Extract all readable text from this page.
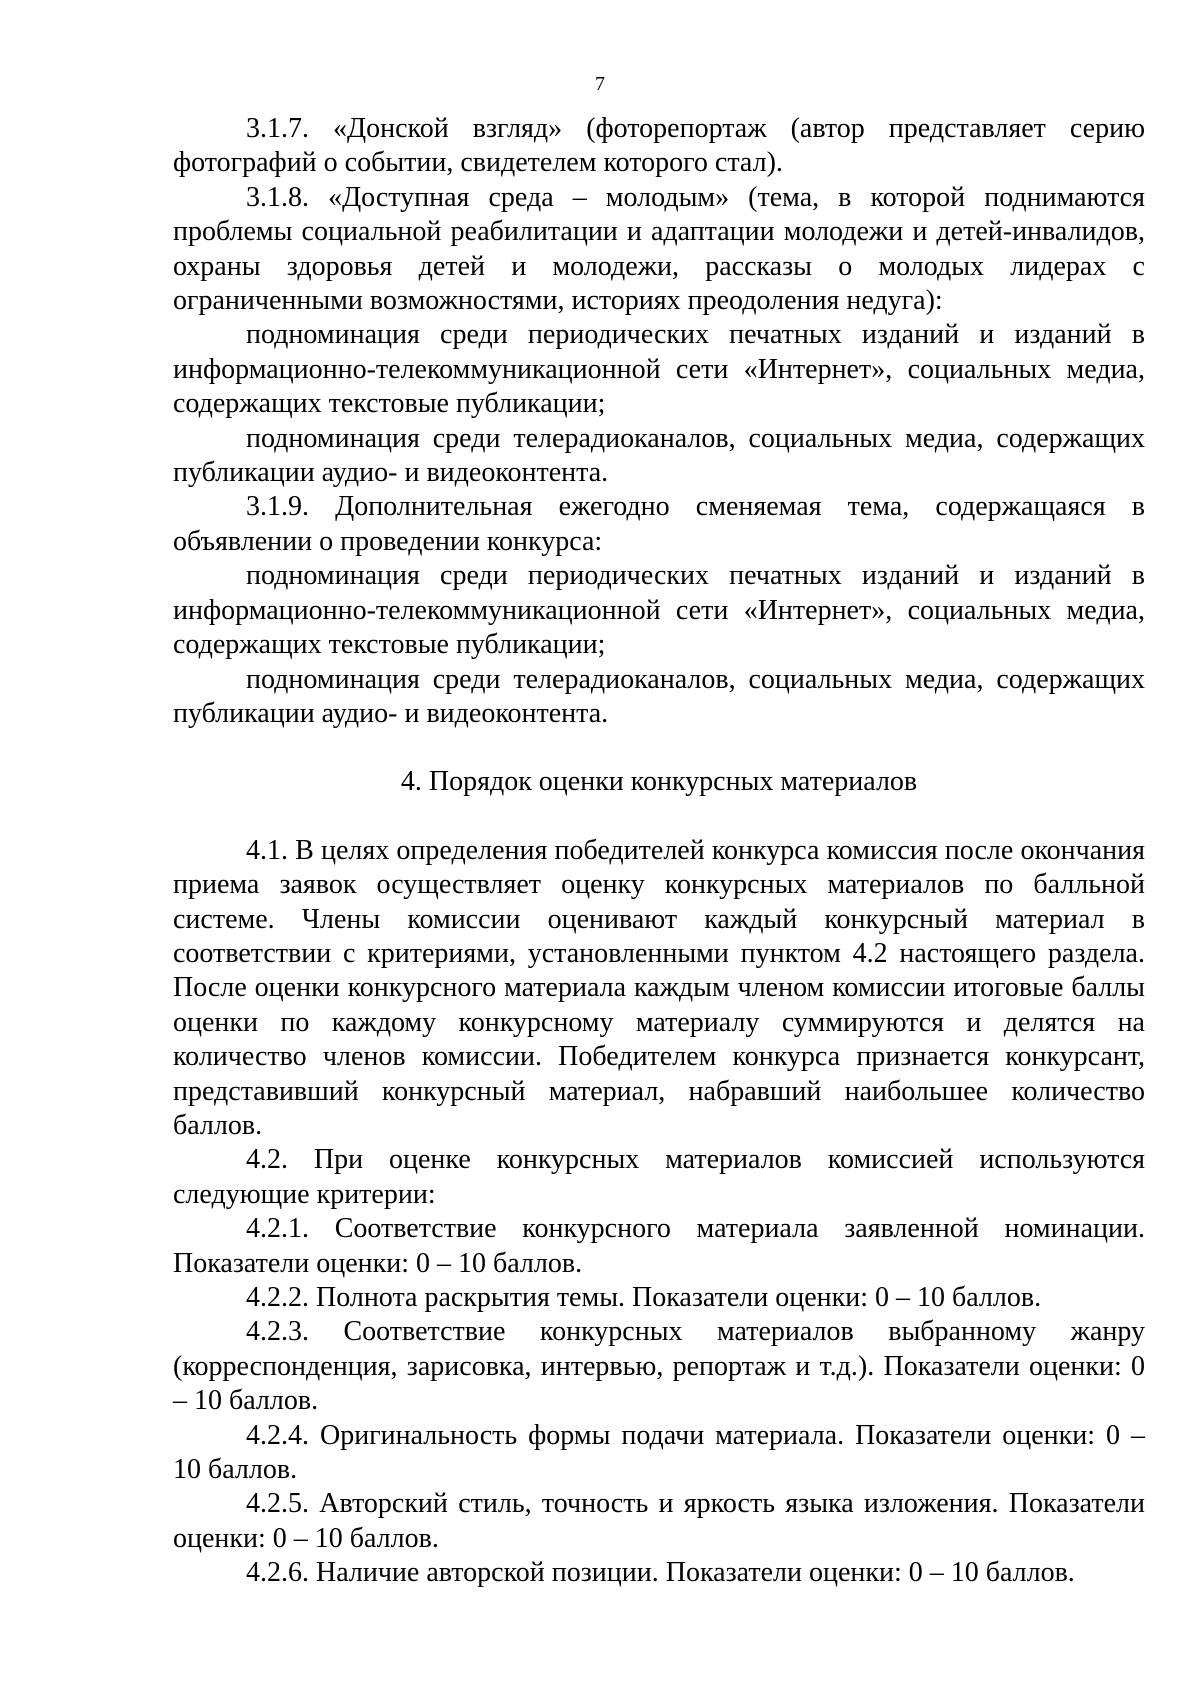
7

3.1.7. «Донской взгляд» (фоторепортаж (автор представляет серию фотографий о событии, свидетелем которого стал).

3.1.8. «Доступная среда – молодым» (тема, в которой поднимаются проблемы социальной реабилитации и адаптации молодежи и детей-инвалидов, охраны здоровья детей и молодежи, рассказы о молодых лидерах с ограниченными возможностями, историях преодоления недуга):

подноминация среди периодических печатных изданий и изданий в информационно-телекоммуникационной сети «Интернет», социальных медиа, содержащих текстовые публикации;

подноминация среди телерадиоканалов, социальных медиа, содержащих публикации аудио- и видеоконтента.

3.1.9. Дополнительная ежегодно сменяемая тема, содержащаяся в объявлении о проведении конкурса:

подноминация среди периодических печатных изданий и изданий в информационно-телекоммуникационной сети «Интернет», социальных медиа, содержащих текстовые публикации;

подноминация среди телерадиоканалов, социальных медиа, содержащих публикации аудио- и видеоконтента.

4. Порядок оценки конкурсных материалов

4.1. В целях определения победителей конкурса комиссия после окончания приема заявок осуществляет оценку конкурсных материалов по балльной системе. Члены комиссии оценивают каждый конкурсный материал в соответствии с критериями, установленными пунктом 4.2 настоящего раздела. После оценки конкурсного материала каждым членом комиссии итоговые баллы оценки по каждому конкурсному материалу суммируются и делятся на количество членов комиссии. Победителем конкурса признается конкурсант, представивший конкурсный материал, набравший наибольшее количество баллов.

4.2. При оценке конкурсных материалов комиссией используются следующие критерии:

4.2.1. Соответствие конкурсного материала заявленной номинации. Показатели оценки: 0 – 10 баллов.

4.2.2. Полнота раскрытия темы. Показатели оценки: 0 – 10 баллов.

4.2.3. Соответствие конкурсных материалов выбранному жанру (корреспонденция, зарисовка, интервью, репортаж и т.д.). Показатели оценки: 0 – 10 баллов.

4.2.4. Оригинальность формы подачи материала. Показатели оценки: 0 – 10 баллов.

4.2.5. Авторский стиль, точность и яркость языка изложения. Показатели оценки: 0 – 10 баллов.

4.2.6. Наличие авторской позиции. Показатели оценки: 0 – 10 баллов.
